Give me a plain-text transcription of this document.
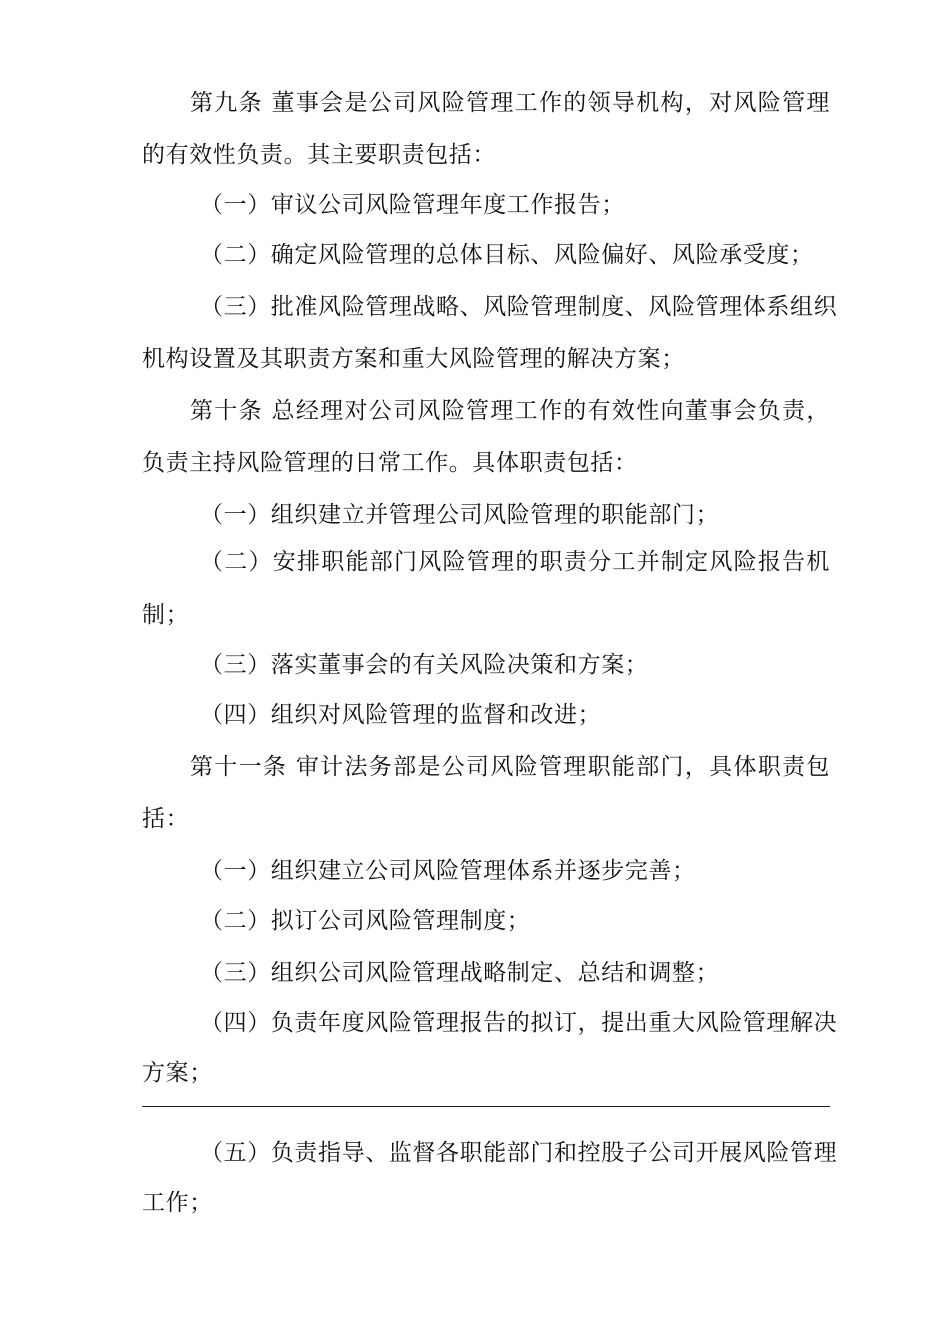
第九条 董事会是公司风险管理工作的领导机构，对风险管理
的有效性负责。其主要职责包括：
（一）审议公司风险管理年度工作报告；
（二）确定风险管理的总体目标、风险偏好、风险承受度；
（三）批准风险管理战略、风险管理制度、风险管理体系组织
机构设置及其职责方案和重大风险管理的解决方案；
第十条 总经理对公司风险管理工作的有效性向董事会负责，
负责主持风险管理的日常工作。具体职责包括：
（一）组织建立并管理公司风险管理的职能部门；
（二）安排职能部门风险管理的职责分工并制定风险报告机
制；
（三）落实董事会的有关风险决策和方案；
（四）组织对风险管理的监督和改进；
第十一条 审计法务部是公司风险管理职能部门，具体职责包
括：
（一）组织建立公司风险管理体系并逐步完善；
（二）拟订公司风险管理制度；
（三）组织公司风险管理战略制定、总结和调整；
（四）负责年度风险管理报告的拟订，提出重大风险管理解决
方案；
（五）负责指导、监督各职能部门和控股子公司开展风险管理
工作；
